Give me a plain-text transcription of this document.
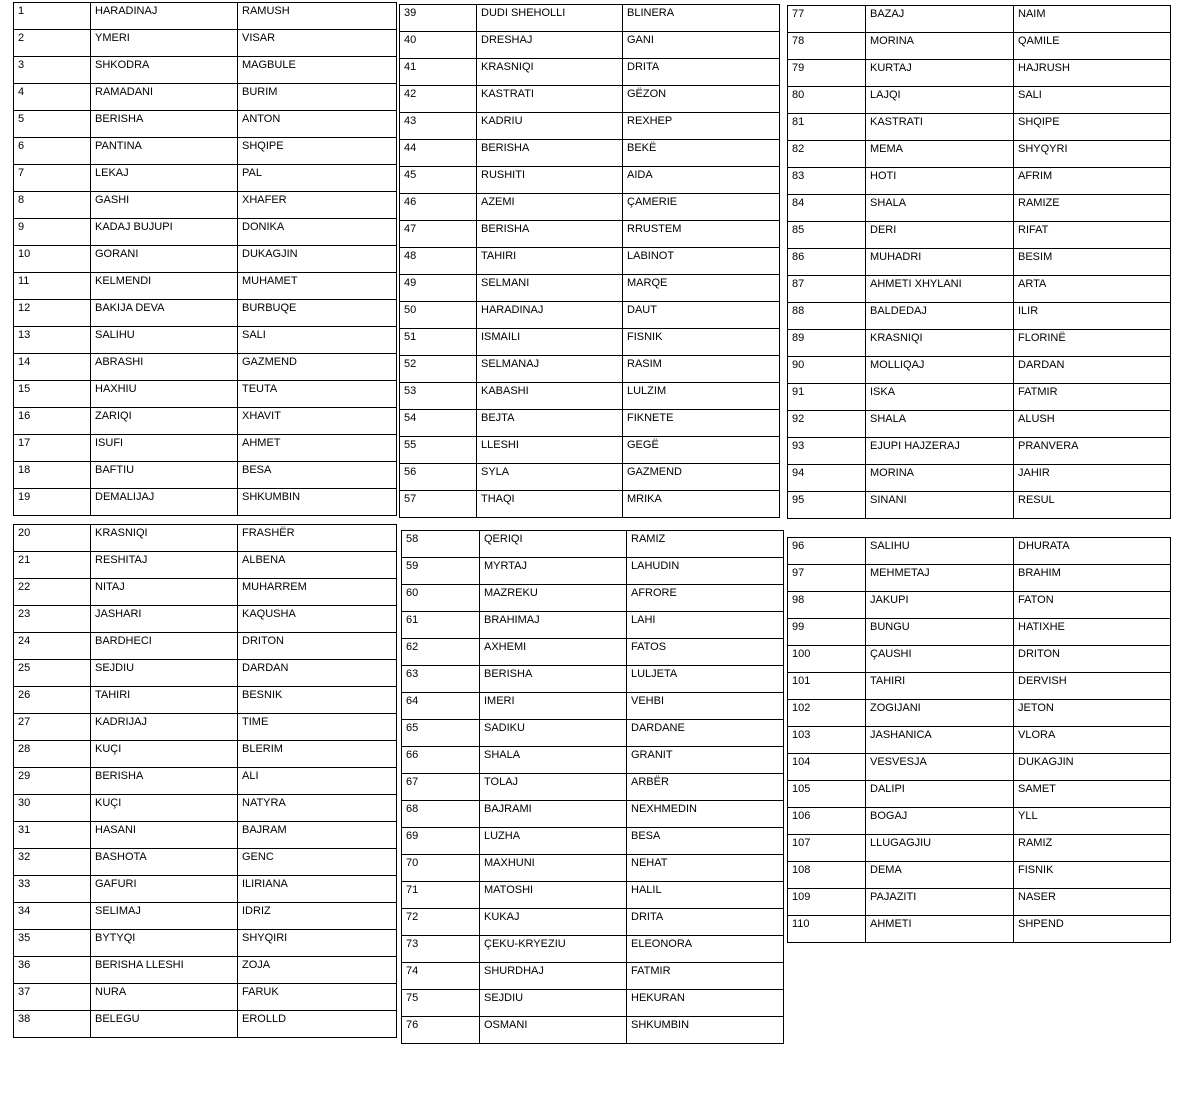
1	HARADINAJ	RAMUSH

2	YMERI	VISAR

3	SHKODRA	MAGBULE

4	RAMADANI	BURIM

5	BERISHA	ANTON

6	PANTINA	SHQIPE

7	LEKAJ	PAL

8	GASHI	XHAFER

9	KADAJ BUJUPI	DONIKA

10	GORANI	DUKAGJIN

11	KELMENDI	MUHAMET

12	BAKIJA DEVA	BURBUQE

13	SALIHU	SALI

14	ABRASHI	GAZMEND

15	HAXHIU	TEUTA

16	ZARIQI	XHAVIT

17	ISUFI	AHMET

18	BAFTIU	BESA

19	DEMALIJAJ	SHKUMBIN
20	KRASNIQI	FRASHËR

21	RESHITAJ	ALBENA

22	NITAJ	MUHARREM

23	JASHARI	KAQUSHA

24	BARDHECI	DRITON

25	SEJDIU	DARDAN

26	TAHIRI	BESNIK

27	KADRIJAJ	TIME

28	KUÇI	BLERIM

29	BERISHA	ALI

30	KUÇI	NATYRA

31	HASANI	BAJRAM

32	BASHOTA	GENC

33	GAFURI	ILIRIANA

34	SELIMAJ	IDRIZ

35	BYTYQI	SHYQIRI

36	BERISHA LLESHI	ZOJA

37	NURA	FARUK

38	BELEGU	EROLLD
39	DUDI SHEHOLLI	BLINERA

40	DRESHAJ	GANI

41	KRASNIQI	DRITA

42	KASTRATI	GËZON

43	KADRIU	REXHEP

44	BERISHA	BEKË

45	RUSHITI	AIDA

46	AZEMI	ÇAMERIE

47	BERISHA	RRUSTEM

48	TAHIRI	LABINOT

49	SELMANI	MARQE

50	HARADINAJ	DAUT

51	ISMAILI	FISNIK

52	SELMANAJ	RASIM

53	KABASHI	LULZIM

54	BEJTA	FIKNETE

55	LLESHI	GEGË

56	SYLA	GAZMEND

57	THAQI	MRIKA
58	QERIQI	RAMIZ

59	MYRTAJ	LAHUDIN

60	MAZREKU	AFRORE

61	BRAHIMAJ	LAHI

62	AXHEMI	FATOS

63	BERISHA	LULJETA

64	IMERI	VEHBI

65	SADIKU	DARDANE

66	SHALA	GRANIT

67	TOLAJ	ARBËR

68	BAJRAMI	NEXHMEDIN

69	LUZHA	BESA

70	MAXHUNI	NEHAT

71	MATOSHI	HALIL

72	KUKAJ	DRITA

73	ÇEKU-KRYEZIU	ELEONORA

74	SHURDHAJ	FATMIR

75	SEJDIU	HEKURAN

76	OSMANI	SHKUMBIN
77	BAZAJ	NAIM

78	MORINA	QAMILE

79	KURTAJ	HAJRUSH

80	LAJQI	SALI

81	KASTRATI	SHQIPE

82	MEMA	SHYQYRI

83	HOTI	AFRIM

84	SHALA	RAMIZE

85	DERI	RIFAT

86	MUHADRI	BESIM

87	AHMETI XHYLANI	ARTA

88	BALDEDAJ	ILIR

89	KRASNIQI	FLORINË

90	MOLLIQAJ	DARDAN

91	ISKA	FATMIR

92	SHALA	ALUSH

93	EJUPI HAJZERAJ	PRANVERA

94	MORINA	JAHIR

95	SINANI	RESUL
96	SALIHU	DHURATA

97	MEHMETAJ	BRAHIM

98	JAKUPI	FATON

99	BUNGU	HATIXHE

100	ÇAUSHI	DRITON

101	TAHIRI	DERVISH

102	ZOGIJANI	JETON

103	JASHANICA	VLORA

104	VESVESJA	DUKAGJIN

105	DALIPI	SAMET

106	BOGAJ	YLL

107	LLUGAGJIU	RAMIZ

108	DEMA	FISNIK

109	PAJAZITI	NASER

110	AHMETI	SHPEND
